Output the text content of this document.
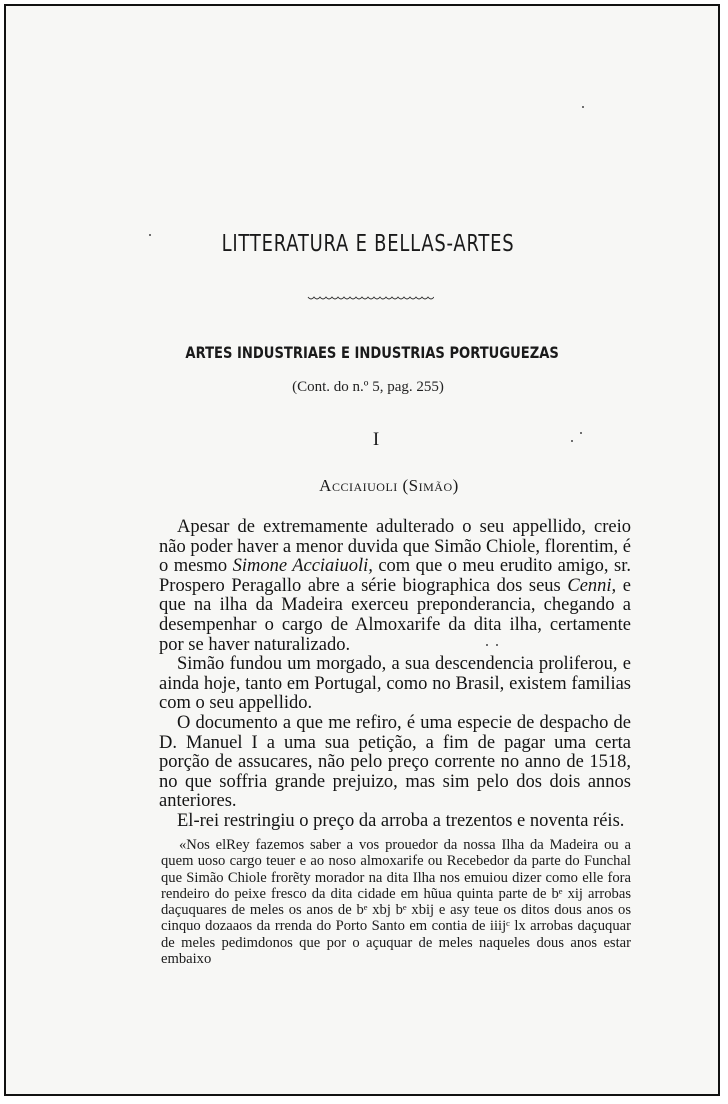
LITTERATURA E BELLAS-ARTES
ARTES INDUSTRIAES E INDUSTRIAS PORTUGUEZAS
(Cont. do n.º 5, pag. 255)
I
Acciaiuoli (Simão)

Apesar de extremamente adulterado o seu appellido, creio não poder haver a menor duvida que Simão Chiole, florentim, é o mesmo Simone Acciaiuoli, com que o meu erudito amigo, sr. Prospero Peragallo abre a série biographica dos seus Cenni, e que na ilha da Madeira exerceu preponderancia, chegando a desempenhar o cargo de Almoxarife da dita ilha, certamente por se haver naturalizado.

Simão fundou um morgado, a sua descendencia proliferou, e ainda hoje, tanto em Portugal, como no Brasil, existem familias com o seu appellido.

O documento a que me refiro, é uma especie de despacho de D. Manuel I a uma sua petição, a fim de pagar uma certa porção de assucares, não pelo preço corrente no anno de 1518, no que soffria grande prejuizo, mas sim pelo dos dois annos anteriores.

El-rei restringiu o preço da arroba a trezentos e noventa réis.

«Nos elRey fazemos saber a vos prouedor da nossa Ilha da Madeira ou a quem uoso cargo teuer e ao noso almoxarife ou Recebedor da parte do Funchal que Simão Chiole frorẽty morador na dita Ilha nos emuiou dizer como elle fora rendeiro do peixe fresco da dita cidade em hũua quinta parte de bᵉ xij arrobas daçuquares de meles os anos de bᵉ xbj bᵉ xbij e asy teue os ditos dous anos os cinquo dozaaos da rrenda do Porto Santo em contia de iiijᶜ lx arrobas daçuquar de meles pedimdonos que por o açuquar de meles naqueles dous anos estar embaixo
